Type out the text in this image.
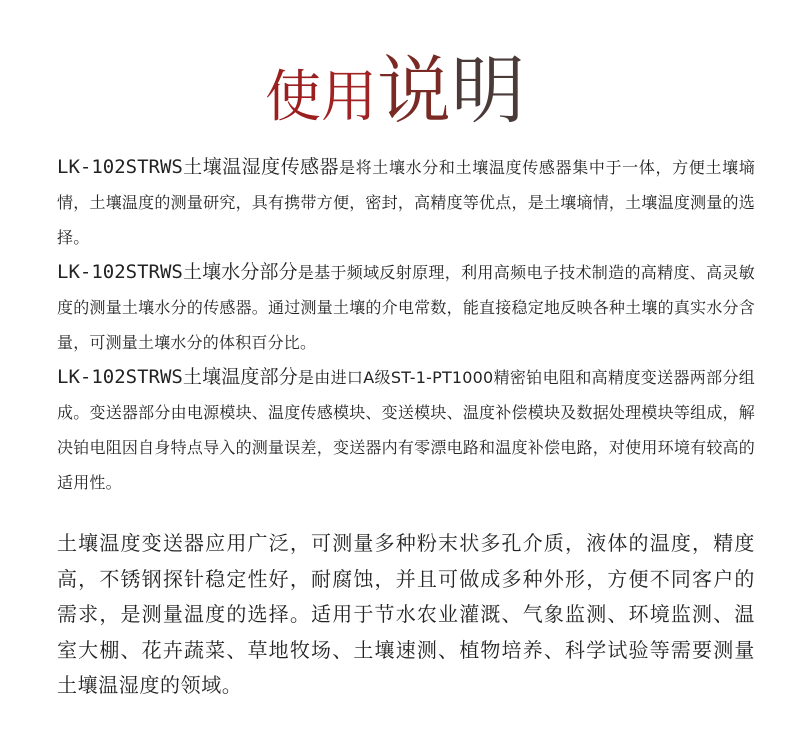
使用说明

LK-102STRWS土壤温湿度传感器是将土壤水分和土壤温度传感器集中于一体，方便土壤墒情，土壤温度的测量研究，具有携带方便，密封，高精度等优点，是土壤墒情，土壤温度测量的选择。

LK-102STRWS土壤水分部分是基于频域反射原理，利用高频电子技术制造的高精度、高灵敏度的测量土壤水分的传感器。通过测量土壤的介电常数，能直接稳定地反映各种土壤的真实水分含量，可测量土壤水分的体积百分比。

LK-102STRWS土壤温度部分是由进口A级ST-1-PT1000精密铂电阻和高精度变送器两部分组成。变送器部分由电源模块、温度传感模块、变送模块、温度补偿模块及数据处理模块等组成，解决铂电阻因自身特点导入的测量误差，变送器内有零漂电路和温度补偿电路，对使用环境有较高的适用性。

土壤温度变送器应用广泛，可测量多种粉末状多孔介质，液体的温度，精度高，不锈钢探针稳定性好，耐腐蚀，并且可做成多种外形，方便不同客户的需求，是测量温度的选择。适用于节水农业灌溉、气象监测、环境监测、温室大棚、花卉蔬菜、草地牧场、土壤速测、植物培养、科学试验等需要测量土壤温湿度的领域。
